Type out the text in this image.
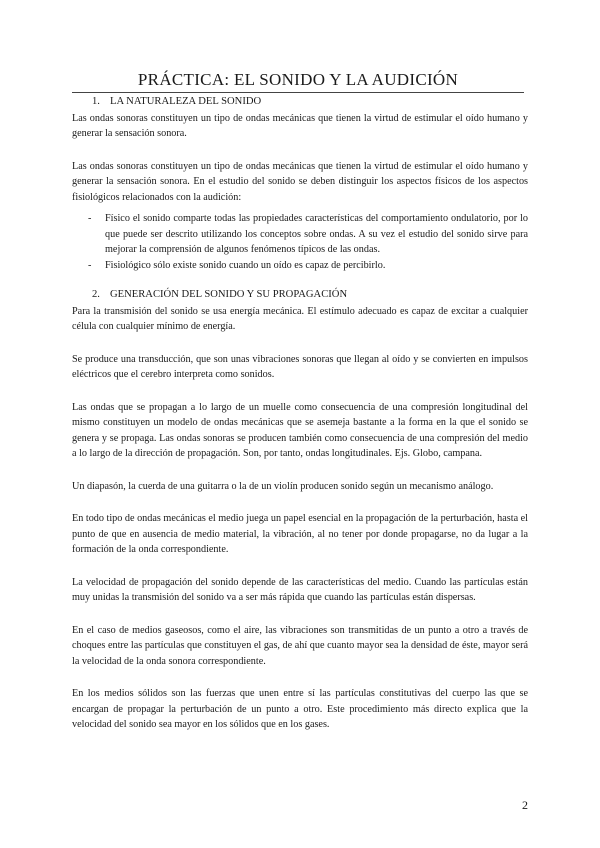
PRÁCTICA: EL SONIDO Y LA AUDICIÓN
1. LA NATURALEZA DEL SONIDO

Las ondas sonoras constituyen un tipo de ondas mecánicas que tienen la virtud de estimular el oído humano y generar la sensación sonora.

Las ondas sonoras constituyen un tipo de ondas mecánicas que tienen la virtud de estimular el oído humano y generar la sensación sonora. En el estudio del sonido se deben distinguir los aspectos físicos de los aspectos fisiológicos relacionados con la audición:

- Físico el sonido comparte todas las propiedades características del comportamiento ondulatorio, por lo que puede ser descrito utilizando los conceptos sobre ondas. A su vez el estudio del sonido sirve para mejorar la comprensión de algunos fenómenos típicos de las ondas.
- Fisiológico sólo existe sonido cuando un oído es capaz de percibirlo.
2. GENERACIÓN DEL SONIDO Y SU PROPAGACIÓN

Para la transmisión del sonido se usa energía mecánica. El estímulo adecuado es capaz de excitar a cualquier célula con cualquier mínimo de energía.

Se produce una transducción, que son unas vibraciones sonoras que llegan al oído y se convierten en impulsos eléctricos que el cerebro interpreta como sonidos.

Las ondas que se propagan a lo largo de un muelle como consecuencia de una compresión longitudinal del mismo constituyen un modelo de ondas mecánicas que se asemeja bastante a la forma en la que el sonido se genera y se propaga. Las ondas sonoras se producen también como consecuencia de una compresión del medio a lo largo de la dirección de propagación. Son, por tanto, ondas longitudinales. Ejs. Globo, campana.

Un diapasón, la cuerda de una guitarra o la de un violín producen sonido según un mecanismo análogo.

En todo tipo de ondas mecánicas el medio juega un papel esencial en la propagación de la perturbación, hasta el punto de que en ausencia de medio material, la vibración, al no tener por donde propagarse, no da lugar a la formación de la onda correspondiente.

La velocidad de propagación del sonido depende de las características del medio. Cuando las partículas están muy unidas la transmisión del sonido va a ser más rápida que cuando las partículas están dispersas.

En el caso de medios gaseosos, como el aire, las vibraciones son transmitidas de un punto a otro a través de choques entre las partículas que constituyen el gas, de ahí que cuanto mayor sea la densidad de éste, mayor será la velocidad de la onda sonora correspondiente.

En los medios sólidos son las fuerzas que unen entre sí las partículas constitutivas del cuerpo las que se encargan de propagar la perturbación de un punto a otro. Este procedimiento más directo explica que la velocidad del sonido sea mayor en los sólidos que en los gases.

2
